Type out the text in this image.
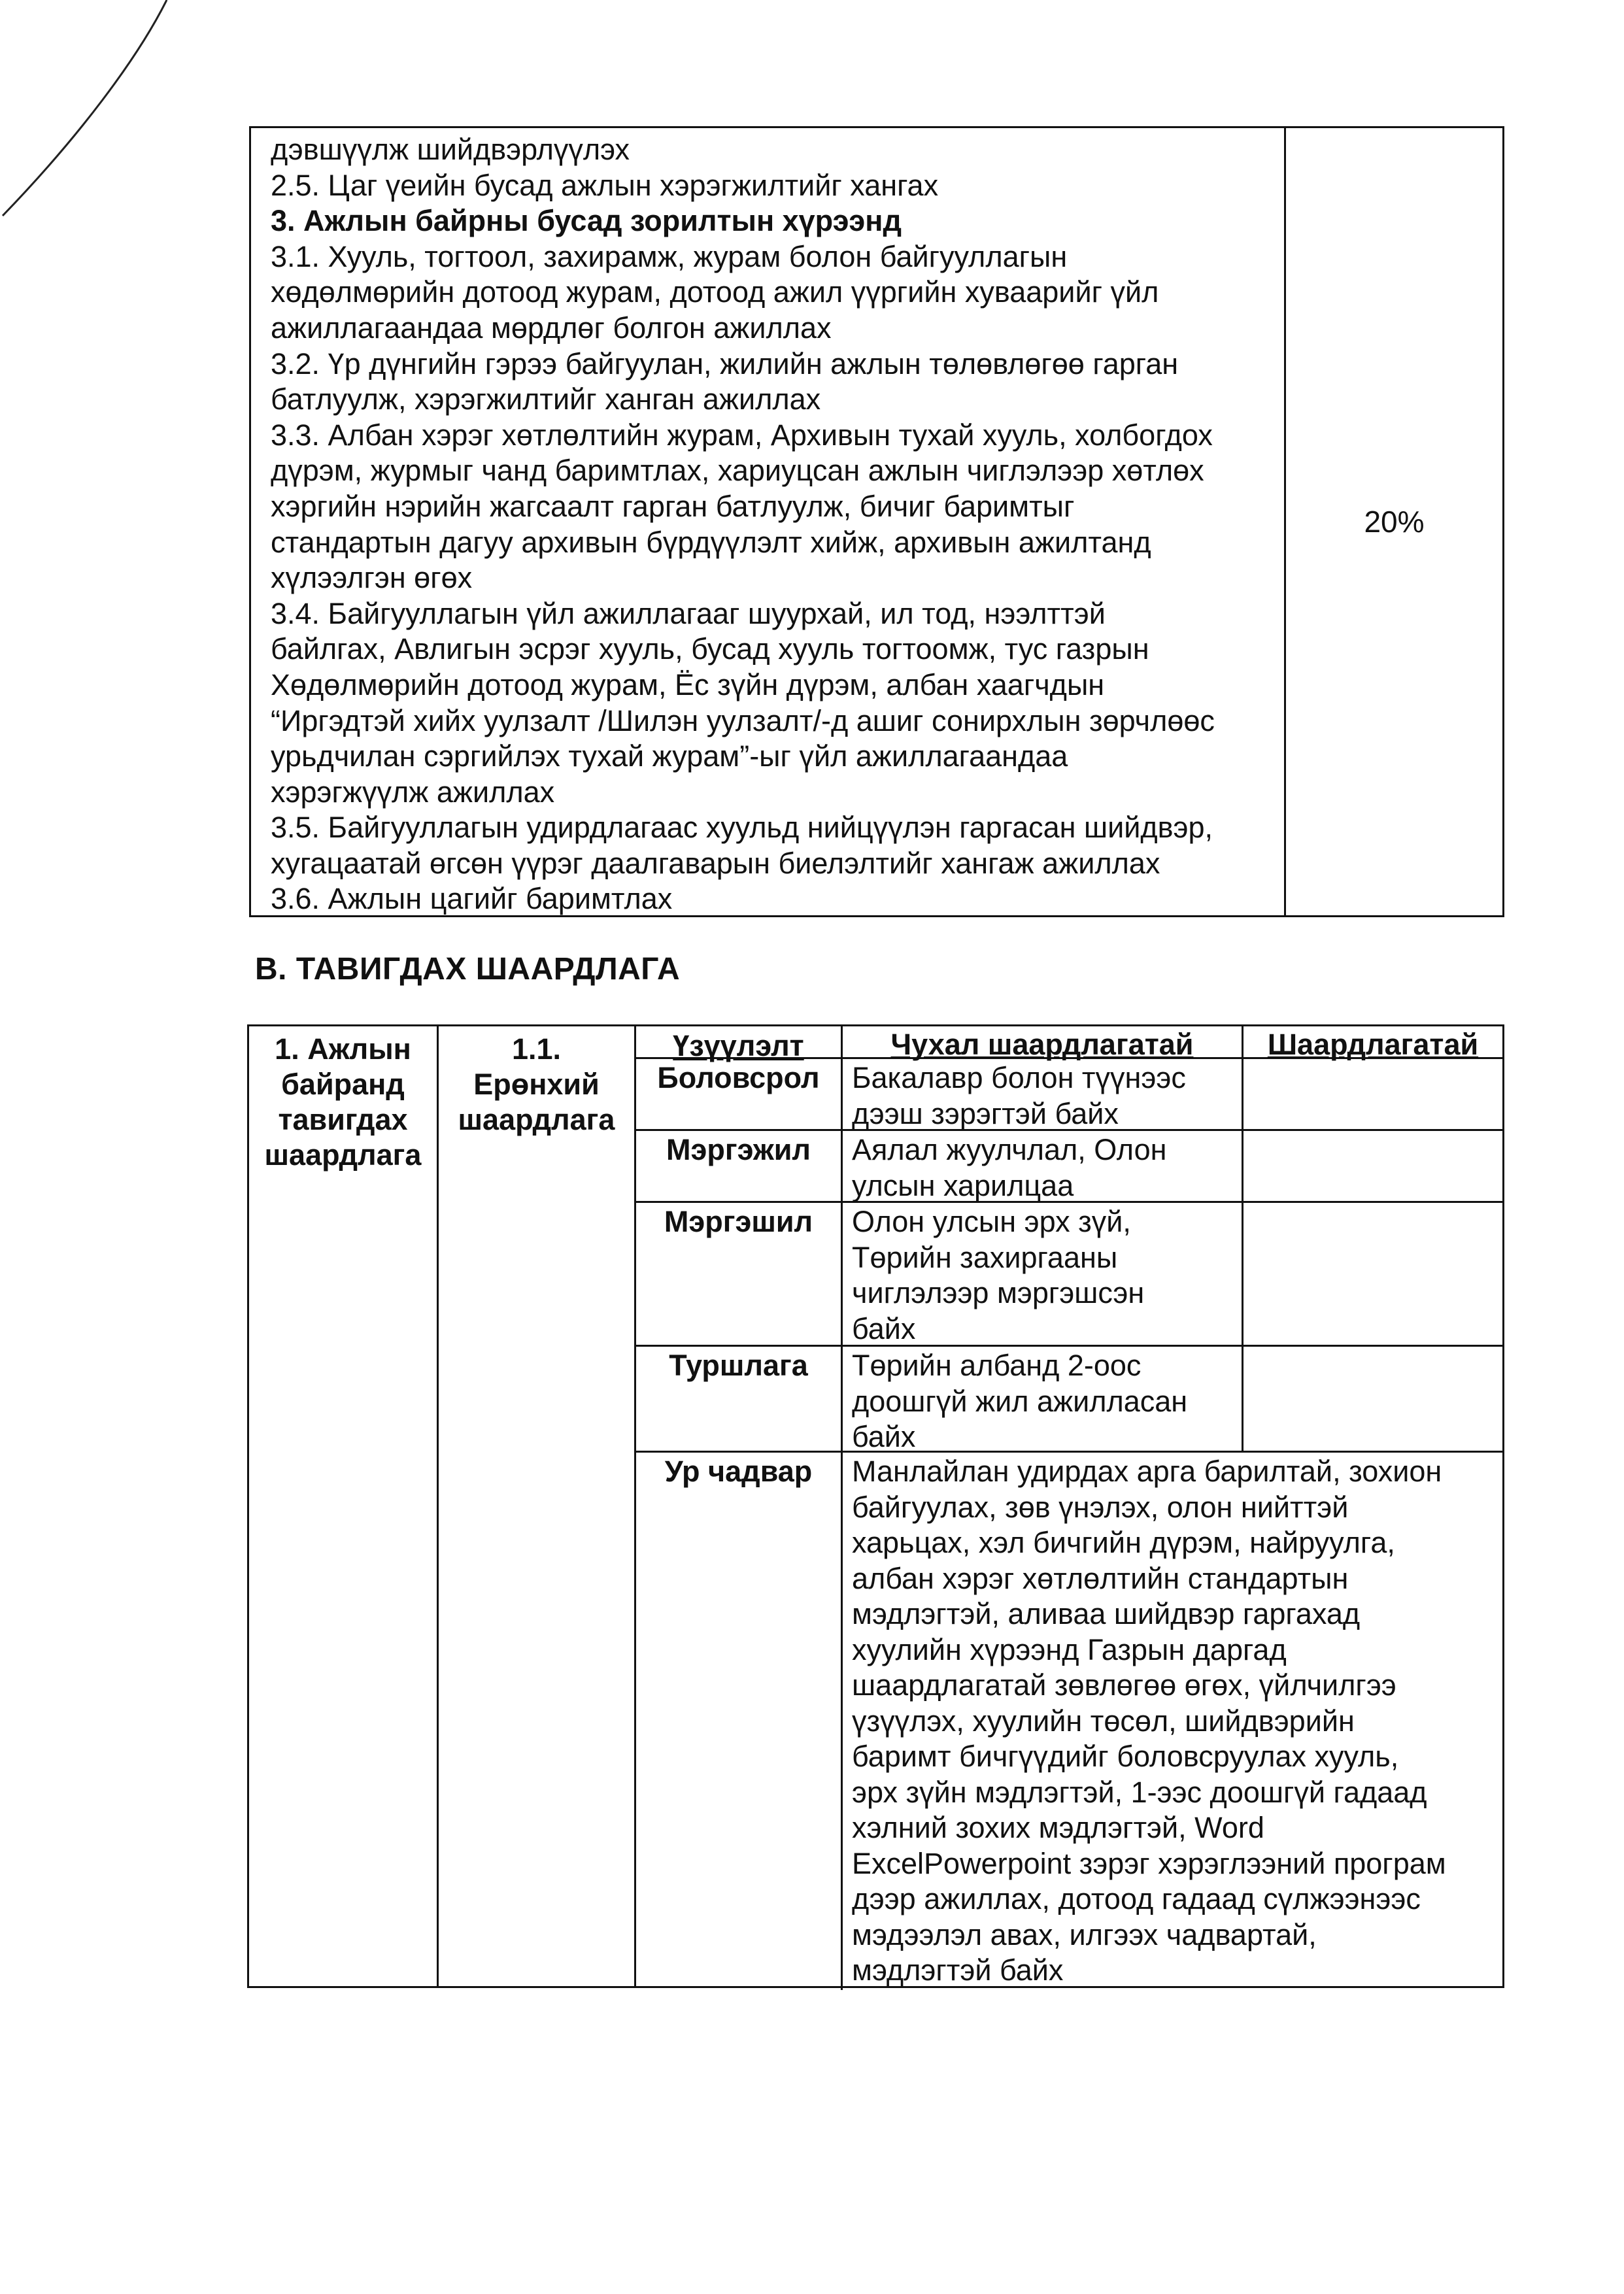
дэвшүүлж шийдвэрлүүлэх
2.5. Цаг үеийн бусад ажлын хэрэгжилтийг хангах
3. Ажлын байрны бусад зорилтын хүрээнд
3.1. Хууль, тогтоол, захирамж, журам болон байгууллагын
хөдөлмөрийн дотоод журам, дотоод ажил үүргийн хуваарийг үйл
ажиллагаандаа мөрдлөг болгон ажиллах
3.2. Үр дүнгийн гэрээ байгуулан, жилийн ажлын төлөвлөгөө гарган
батлуулж, хэрэгжилтийг ханган ажиллах
3.3. Албан хэрэг хөтлөлтийн журам, Архивын тухай хууль, холбогдох
дүрэм, журмыг чанд баримтлах, хариуцсан ажлын чиглэлээр хөтлөх
хэргийн нэрийн жагсаалт гарган батлуулж, бичиг баримтыг
стандартын дагуу архивын бүрдүүлэлт хийж, архивын ажилтанд
хүлээлгэн өгөх
3.4. Байгууллагын үйл ажиллагааг шуурхай, ил тод, нээлттэй
байлгах, Авлигын эсрэг хууль, бусад хууль тогтоомж, тус газрын
Хөдөлмөрийн дотоод журам, Ёс зүйн дүрэм, албан хаагчдын
“Иргэдтэй хийх уулзалт /Шилэн уулзалт/-д ашиг сонирхлын зөрчлөөс
урьдчилан сэргийлэх тухай журам”-ыг үйл ажиллагаандаа
хэрэгжүүлж ажиллах
3.5. Байгууллагын удирдлагаас хуульд нийцүүлэн гаргасан шийдвэр,
хугацаатай өгсөн үүрэг даалгаварын биелэлтийг хангаж ажиллах
3.6. Ажлын цагийг баримтлах
20%
В. ТАВИГДАХ ШААРДЛАГА
1. Ажлын
байранд
тавигдах
шаардлага
1.1.
Ерөнхий
шаардлага
Үзүүлэлт	Чухал шаардлагатай	Шаардлагатай
Боловсрол	Бакалавр болон түүнээс
дээш зэрэгтэй байх
Мэргэжил	Аялал жуулчлал, Олон
улсын харилцаа
Мэргэшил	Олон улсын эрх зүй,
Төрийн захиргааны
чиглэлээр мэргэшсэн
байх
Туршлага	Төрийн албанд 2-оос
доошгүй жил ажилласан
байх
Ур чадвар	Манлайлан удирдах арга барилтай, зохион
байгуулах, зөв үнэлэх, олон нийттэй
харьцах, хэл бичгийн дүрэм, найруулга,
албан хэрэг хөтлөлтийн стандартын
мэдлэгтэй, аливаа шийдвэр гаргахад
хуулийн хүрээнд Газрын даргад
шаардлагатай зөвлөгөө өгөх, үйлчилгээ
үзүүлэх, хуулийн төсөл, шийдвэрийн
баримт бичгүүдийг боловсруулах хууль,
эрх зүйн мэдлэгтэй, 1-ээс доошгүй гадаад
хэлний зохих мэдлэгтэй, Word
ExcelPowerpoint зэрэг хэрэглээний програм
дээр ажиллах, дотоод гадаад сүлжээнээс
мэдээлэл авах, илгээх чадвартай,
мэдлэгтэй байх
